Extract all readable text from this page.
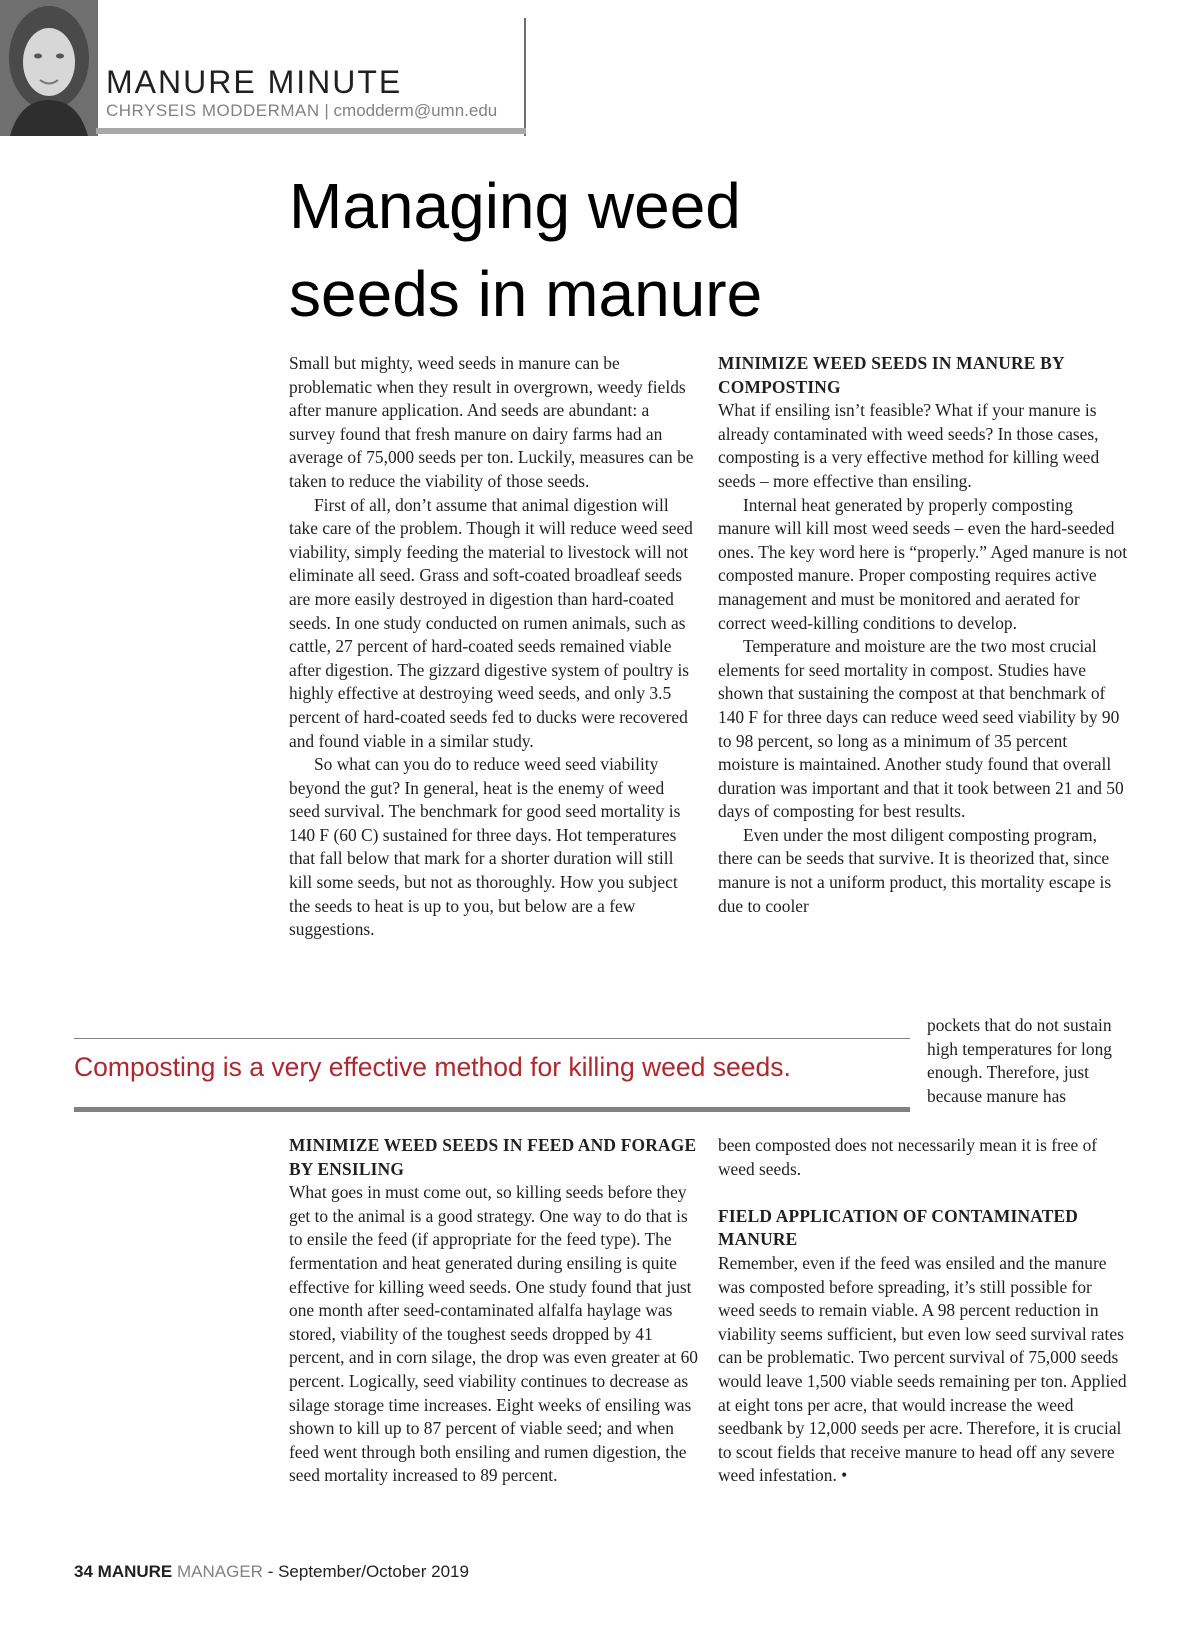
MANURE MINUTE
CHRYSEIS MODDERMAN | cmodderm@umn.edu
Managing weed
seeds in manure

Small but mighty, weed seeds in manure can be problematic when they result in overgrown, weedy fields after manure application. And seeds are abundant: a survey found that fresh manure on dairy farms had an average of 75,000 seeds per ton. Luckily, measures can be taken to reduce the viability of those seeds.

First of all, don’t assume that animal digestion will take care of the problem. Though it will reduce weed seed viability, simply feeding the material to livestock will not eliminate all seed. Grass and soft-coated broadleaf seeds are more easily destroyed in digestion than hard-coated seeds. In one study conducted on rumen animals, such as cattle, 27 percent of hard-coated seeds remained viable after digestion. The gizzard digestive system of poultry is highly effective at destroying weed seeds, and only 3.5 percent of hard-coated seeds fed to ducks were recovered and found viable in a similar study.

So what can you do to reduce weed seed viability beyond the gut? In general, heat is the enemy of weed seed survival. The benchmark for good seed mortality is 140 F (60 C) sustained for three days. Hot temperatures that fall below that mark for a shorter duration will still kill some seeds, but not as thoroughly. How you subject the seeds to heat is up to you, but below are a few suggestions.

MINIMIZE WEED SEEDS IN MANURE BY COMPOSTING

What if ensiling isn’t feasible? What if your manure is already contaminated with weed seeds? In those cases, composting is a very effective method for killing weed seeds – more effective than ensiling.

Internal heat generated by properly composting manure will kill most weed seeds – even the hard-seeded ones. The key word here is “properly.” Aged manure is not composted manure. Proper composting requires active management and must be monitored and aerated for correct weed-killing conditions to develop.

Temperature and moisture are the two most crucial elements for seed mortality in compost. Studies have shown that sustaining the compost at that benchmark of 140 F for three days can reduce weed seed viability by 90 to 98 percent, so long as a minimum of 35 percent moisture is maintained. Another study found that overall duration was important and that it took between 21 and 50 days of composting for best results.

Even under the most diligent composting program, there can be seeds that survive. It is theorized that, since manure is not a uniform product, this mortality escape is due to cooler

pockets that do not sustain high temperatures for long enough. Therefore, just because manure has

Composting is a very effective method for killing weed seeds.
MINIMIZE WEED SEEDS IN FEED AND FORAGE BY ENSILING

What goes in must come out, so killing seeds before they get to the animal is a good strategy. One way to do that is to ensile the feed (if appropriate for the feed type). The fermentation and heat generated during ensiling is quite effective for killing weed seeds. One study found that just one month after seed-contaminated alfalfa haylage was stored, viability of the toughest seeds dropped by 41 percent, and in corn silage, the drop was even greater at 60 percent. Logically, seed viability continues to decrease as silage storage time increases. Eight weeks of ensiling was shown to kill up to 87 percent of viable seed; and when feed went through both ensiling and rumen digestion, the seed mortality increased to 89 percent.

been composted does not necessarily mean it is free of weed seeds.

FIELD APPLICATION OF CONTAMINATED MANURE

Remember, even if the feed was ensiled and the manure was composted before spreading, it’s still possible for weed seeds to remain viable. A 98 percent reduction in viability seems sufficient, but even low seed survival rates can be problematic. Two percent survival of 75,000 seeds would leave 1,500 viable seeds remaining per ton. Applied at eight tons per acre, that would increase the weed seedbank by 12,000 seeds per acre. Therefore, it is crucial to scout fields that receive manure to head off any severe weed infestation. •

34 MANURE MANAGER - September/October 2019
